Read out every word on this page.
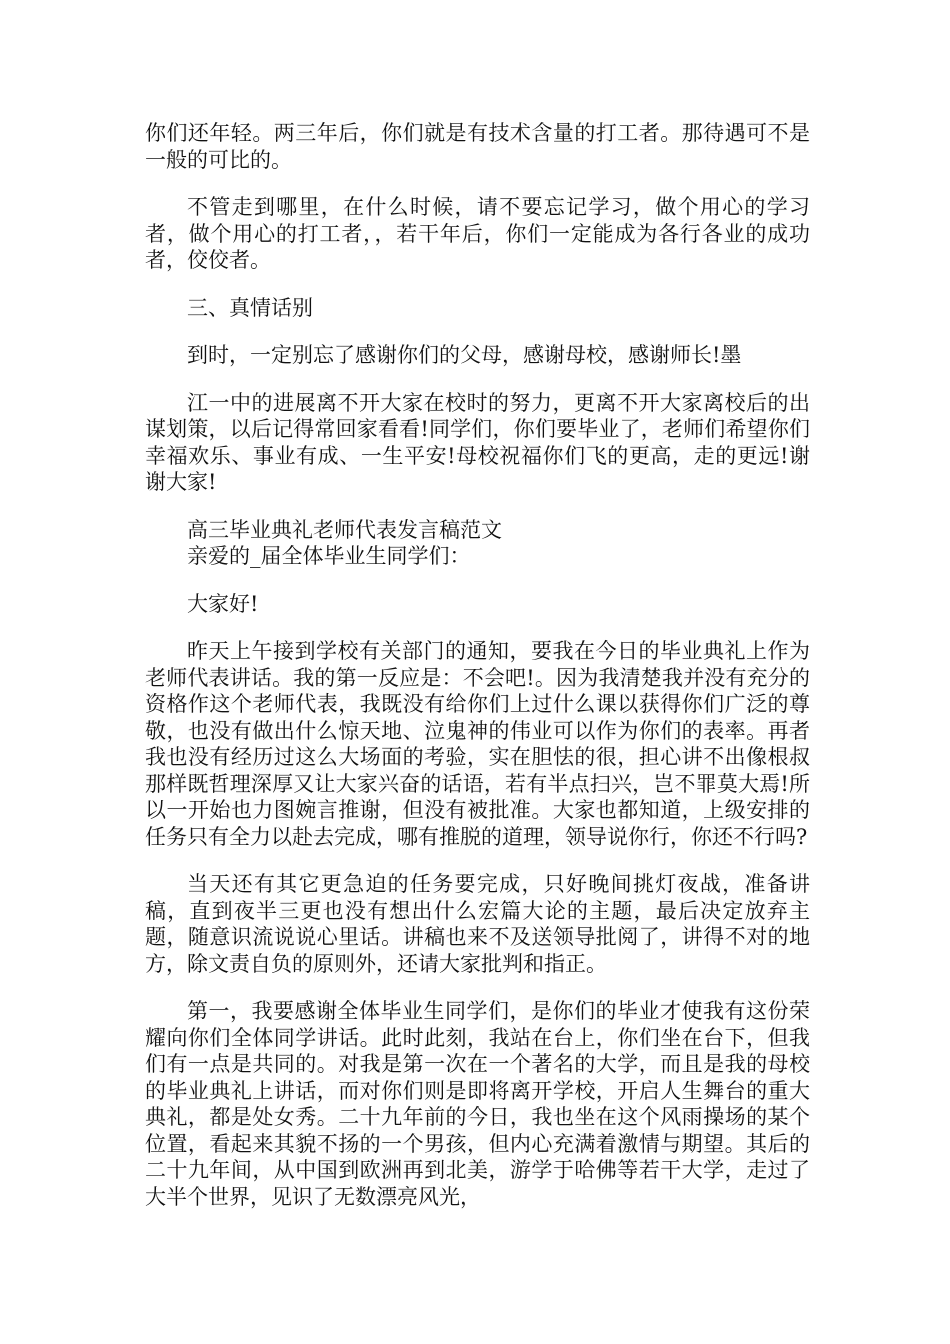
你们还年轻。两三年后，你们就是有技术含量的打工者。那待遇可不是一般的可比的。

不管走到哪里，在什么时候，请不要忘记学习，做个用心的学习者，做个用心的打工者，，若干年后，你们一定能成为各行各业的成功者，佼佼者。

三、真情话别

到时，一定别忘了感谢你们的父母，感谢母校，感谢师长!墨

江一中的进展离不开大家在校时的努力，更离不开大家离校后的出谋划策，以后记得常回家看看!同学们，你们要毕业了，老师们希望你们幸福欢乐、事业有成、一生平安!母校祝福你们飞的更高，走的更远!谢谢大家!

高三毕业典礼老师代表发言稿范文

亲爱的_届全体毕业生同学们：

大家好!

昨天上午接到学校有关部门的通知，要我在今日的毕业典礼上作为老师代表讲话。我的第一反应是：不会吧!。因为我清楚我并没有充分的资格作这个老师代表，我既没有给你们上过什么课以获得你们广泛的尊敬，也没有做出什么惊天地、泣鬼神的伟业可以作为你们的表率。再者我也没有经历过这么大场面的考验，实在胆怯的很，担心讲不出像根叔那样既哲理深厚又让大家兴奋的话语，若有半点扫兴，岂不罪莫大焉!所以一开始也力图婉言推谢，但没有被批准。大家也都知道，上级安排的任务只有全力以赴去完成，哪有推脱的道理，领导说你行，你还不行吗?

当天还有其它更急迫的任务要完成，只好晚间挑灯夜战，准备讲稿，直到夜半三更也没有想出什么宏篇大论的主题，最后决定放弃主题，随意识流说说心里话。讲稿也来不及送领导批阅了，讲得不对的地方，除文责自负的原则外，还请大家批判和指正。

第一，我要感谢全体毕业生同学们，是你们的毕业才使我有这份荣耀向你们全体同学讲话。此时此刻，我站在台上，你们坐在台下，但我们有一点是共同的。对我是第一次在一个著名的大学，而且是我的母校的毕业典礼上讲话，而对你们则是即将离开学校，开启人生舞台的重大典礼，都是处女秀。二十九年前的今日，我也坐在这个风雨操场的某个位置，看起来其貌不扬的一个男孩，但内心充满着激情与期望。其后的二十九年间，从中国到欧洲再到北美，游学于哈佛等若干大学，走过了大半个世界，见识了无数漂亮风光，
